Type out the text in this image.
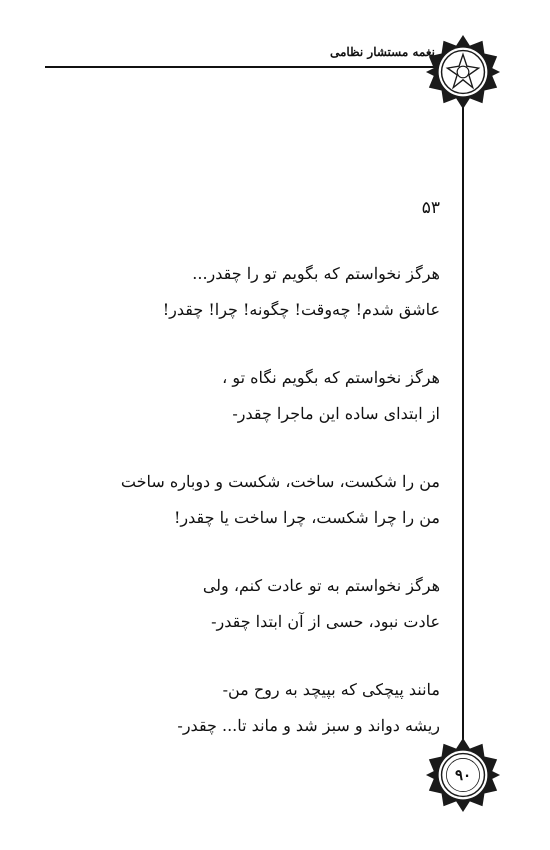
نغمه مستشار نظامی
۹۰
۵۳
هرگز نخواستم که بگویم تو را چقدر...
عاشق شدم! چه‌وقت! چگونه! چرا! چقدر!
هرگز نخواستم که بگویم نگاه تو ،
از ابتدای ساده این ماجرا چقدر-
من را شکست، ساخت، شکست و دوباره ساخت
من را چرا شکست، چرا ساخت یا چقدر!
هرگز نخواستم به تو عادت کنم، ولی
عادت نبود، حسی از آن ابتدا چقدر-
مانند پیچکی که بپیچد به روح من-
ریشه دواند و سبز شد و ماند تا... چقدر-
